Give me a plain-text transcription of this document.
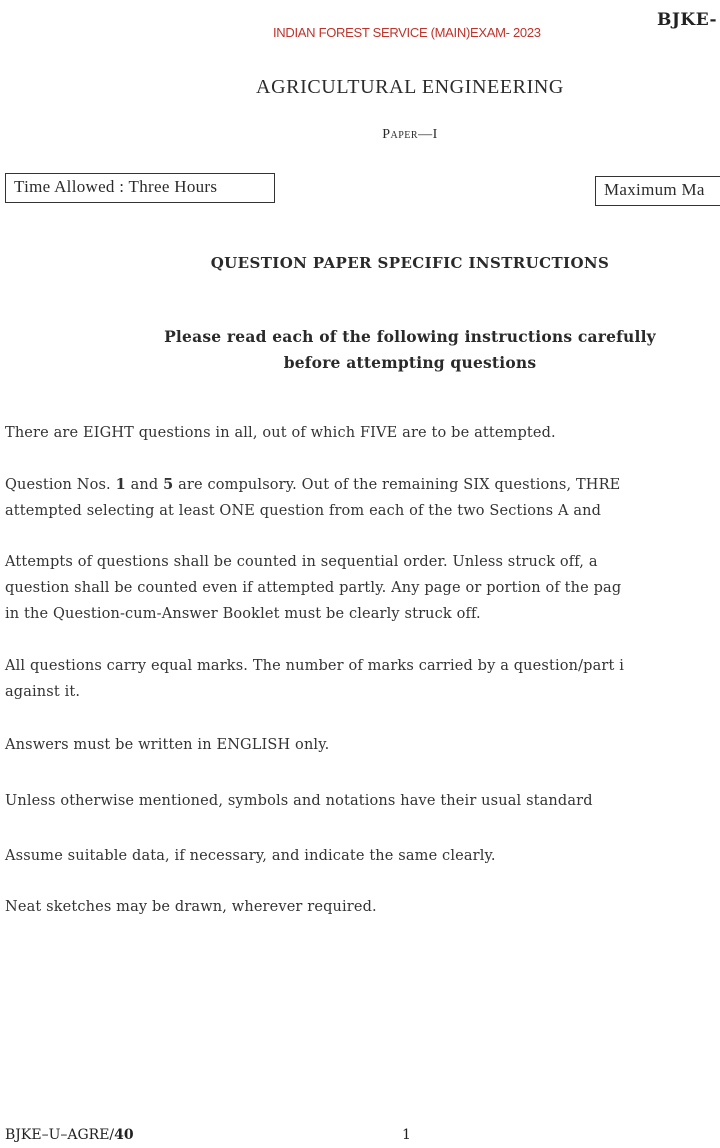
INDIAN FOREST SERVICE (MAIN)EXAM- 2023
BJKE-
AGRICULTURAL ENGINEERING
Paper—I
Time Allowed : Three Hours	Maximum Ma
QUESTION PAPER SPECIFIC INSTRUCTIONS
Please read each of the following instructions carefully
before attempting questions
There are EIGHT questions in all, out of which FIVE are to be attempted.
Question Nos. 1 and 5 are compulsory. Out of the remaining SIX questions, THRE
attempted selecting at least ONE question from each of the two Sections A and
Attempts of questions shall be counted in sequential order. Unless struck off, a
question shall be counted even if attempted partly. Any page or portion of the pag
in the Question-cum-Answer Booklet must be clearly struck off.
All questions carry equal marks. The number of marks carried by a question/part i
against it.
Answers must be written in ENGLISH only.
Unless otherwise mentioned, symbols and notations have their usual standard
Assume suitable data, if necessary, and indicate the same clearly.
Neat sketches may be drawn, wherever required.
BJKE–U–AGRE/40	1
